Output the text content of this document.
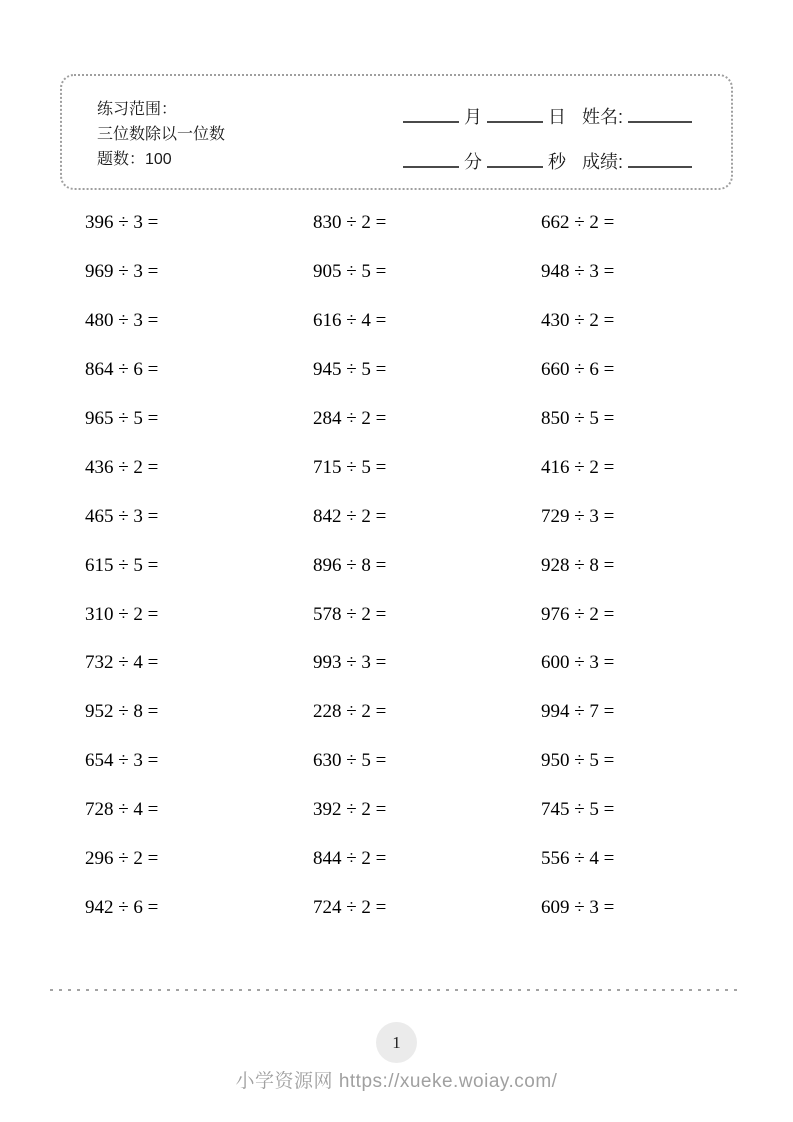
练习范围：
三位数除以一位数
题数：100
月	日 姓名:
分	秒 成绩:
396 ÷ 3 =	830 ÷ 2 =	662 ÷ 2 =
969 ÷ 3 =	905 ÷ 5 =	948 ÷ 3 =
480 ÷ 3 =	616 ÷ 4 =	430 ÷ 2 =
864 ÷ 6 =	945 ÷ 5 =	660 ÷ 6 =
965 ÷ 5 =	284 ÷ 2 =	850 ÷ 5 =
436 ÷ 2 =	715 ÷ 5 =	416 ÷ 2 =
465 ÷ 3 =	842 ÷ 2 =	729 ÷ 3 =
615 ÷ 5 =	896 ÷ 8 =	928 ÷ 8 =
310 ÷ 2 =	578 ÷ 2 =	976 ÷ 2 =
732 ÷ 4 =	993 ÷ 3 =	600 ÷ 3 =
952 ÷ 8 =	228 ÷ 2 =	994 ÷ 7 =
654 ÷ 3 =	630 ÷ 5 =	950 ÷ 5 =
728 ÷ 4 =	392 ÷ 2 =	745 ÷ 5 =
296 ÷ 2 =	844 ÷ 2 =	556 ÷ 4 =
942 ÷ 6 =	724 ÷ 2 =	609 ÷ 3 =
1
小学资源网 https://xueke.woiay.com/
